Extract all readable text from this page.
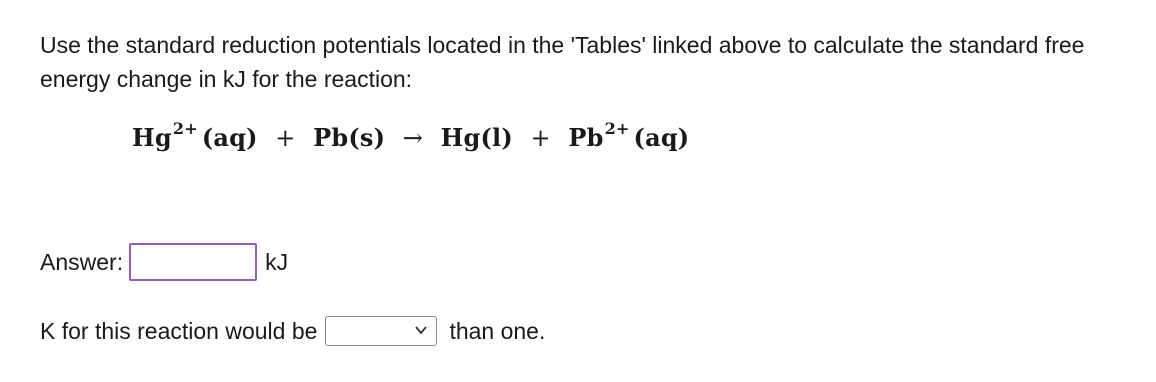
Use the standard reduction potentials located in the 'Tables' linked above to calculate the standard free energy change in kJ for the reaction:
$Hg^{2+}$ $(aq) + Pb(s) \to Hg(l) + Pb^{2+}$ (aq)
Answer:	kJ
K for this reaction would be	than one.
